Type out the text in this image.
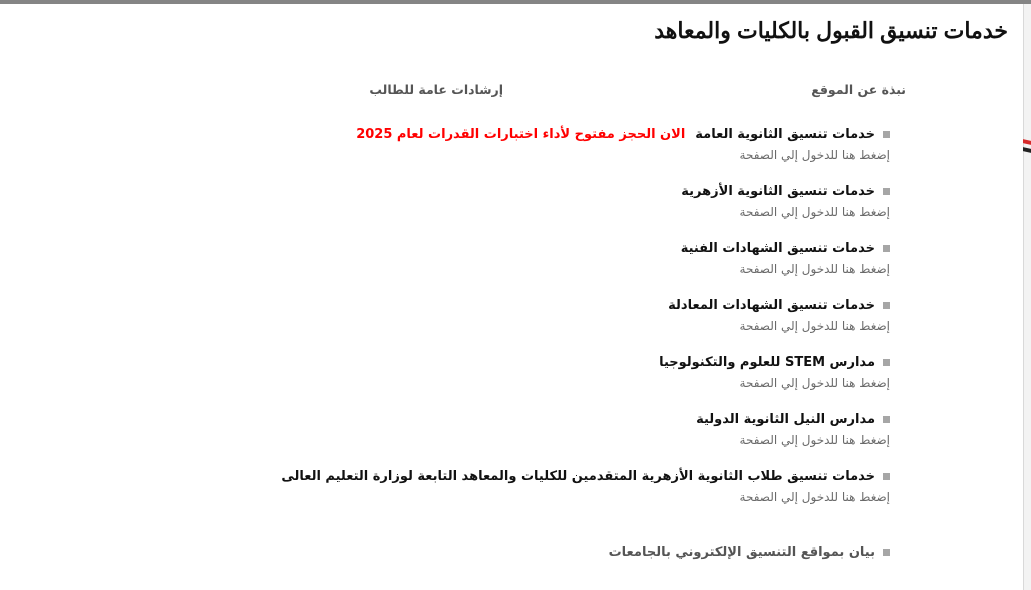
خدمات تنسيق القبول بالكليات والمعاهد
نبذة عن الموقع
إرشادات عامة للطالب
خدمات تنسيق الثانوية العامةالان الحجز مفتوح لأداء اختبارات القدرات لعام 2025
إضغط هنا للدخول إلي الصفحة
خدمات تنسيق الثانوية الأزهرية
إضغط هنا للدخول إلي الصفحة
خدمات تنسيق الشهادات الفنية
إضغط هنا للدخول إلي الصفحة
خدمات تنسيق الشهادات المعادلة
إضغط هنا للدخول إلي الصفحة
مدارس STEM للعلوم والتكنولوجيا
إضغط هنا للدخول إلي الصفحة
مدارس النيل الثانوية الدولية
إضغط هنا للدخول إلي الصفحة
خدمات تنسيق طلاب الثانوية الأزهرية المتقدمين للكليات والمعاهد التابعة لوزارة التعليم العالى
إضغط هنا للدخول إلي الصفحة
بيان بمواقع التنسيق الإلكتروني بالجامعات
